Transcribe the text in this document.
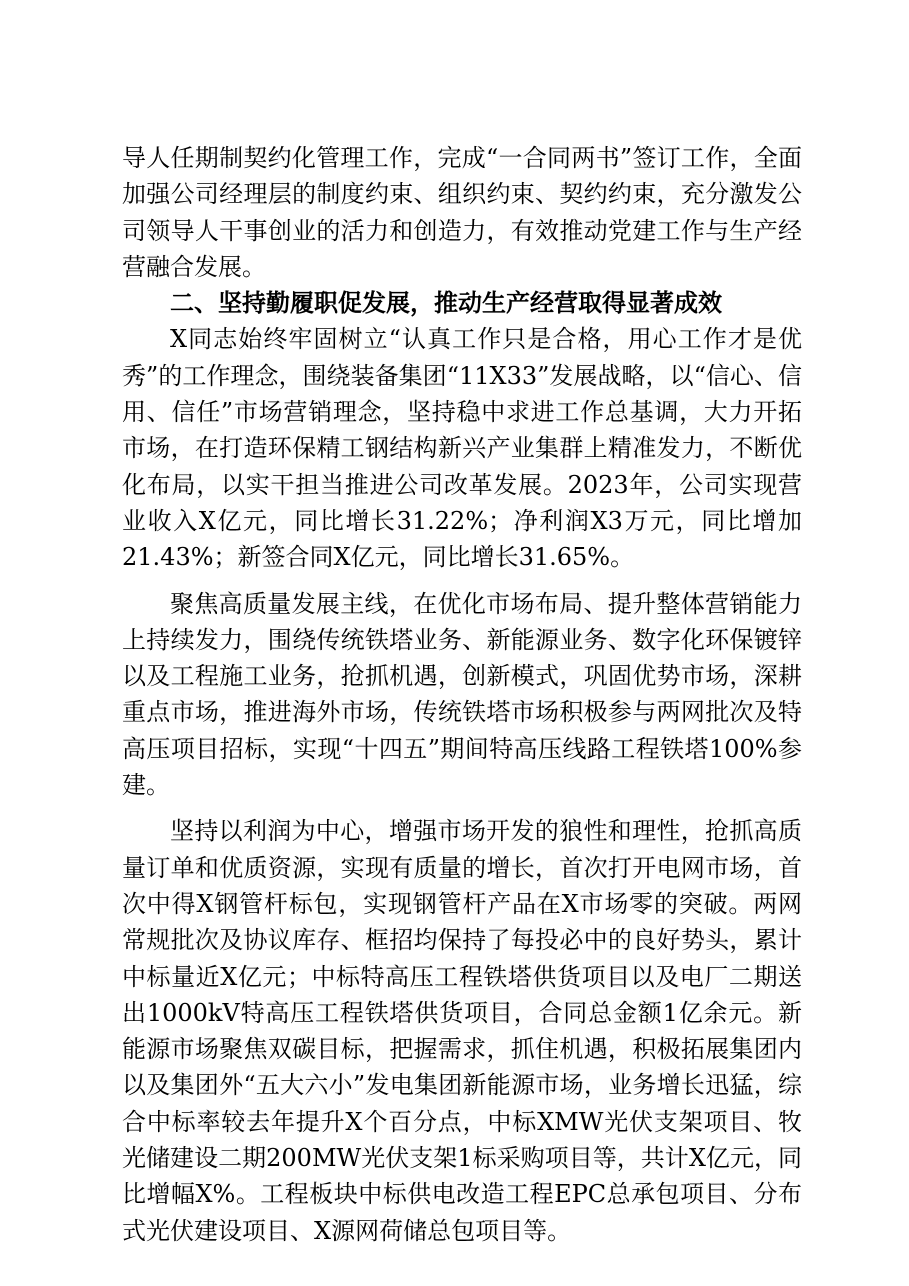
导人任期制契约化管理工作，完成“一合同两书”签订工作，全面加强公司经理层的制度约束、组织约束、契约约束，充分激发公司领导人干事创业的活力和创造力，有效推动党建工作与生产经营融合发展。

二、坚持勤履职促发展，推动生产经营取得显著成效

X同志始终牢固树立“认真工作只是合格，用心工作才是优秀”的工作理念，围绕装备集团“11X33”发展战略，以“信心、信用、信任”市场营销理念，坚持稳中求进工作总基调，大力开拓市场，在打造环保精工钢结构新兴产业集群上精准发力，不断优化布局，以实干担当推进公司改革发展。2023年，公司实现营业收入X亿元，同比增长31.22%；净利润X3万元，同比增加21.43%；新签合同X亿元，同比增长31.65%。

聚焦高质量发展主线，在优化市场布局、提升整体营销能力上持续发力，围绕传统铁塔业务、新能源业务、数字化环保镀锌以及工程施工业务，抢抓机遇，创新模式，巩固优势市场，深耕重点市场，推进海外市场，传统铁塔市场积极参与两网批次及特高压项目招标，实现“十四五”期间特高压线路工程铁塔100%参建。

坚持以利润为中心，增强市场开发的狼性和理性，抢抓高质量订单和优质资源，实现有质量的增长，首次打开电网市场，首次中得X钢管杆标包，实现钢管杆产品在X市场零的突破。两网常规批次及协议库存、框招均保持了每投必中的良好势头，累计中标量近X亿元；中标特高压工程铁塔供货项目以及电厂二期送出1000kV特高压工程铁塔供货项目，合同总金额1亿余元。新能源市场聚焦双碳目标，把握需求，抓住机遇，积极拓展集团内以及集团外“五大六小”发电集团新能源市场，业务增长迅猛，综合中标率较去年提升X个百分点，中标XMW光伏支架项目、牧光储建设二期200MW光伏支架1标采购项目等，共计X亿元，同比增幅X%。工程板块中标供电改造工程EPC总承包项目、分布式光伏建设项目、X源网荷储总包项目等。
